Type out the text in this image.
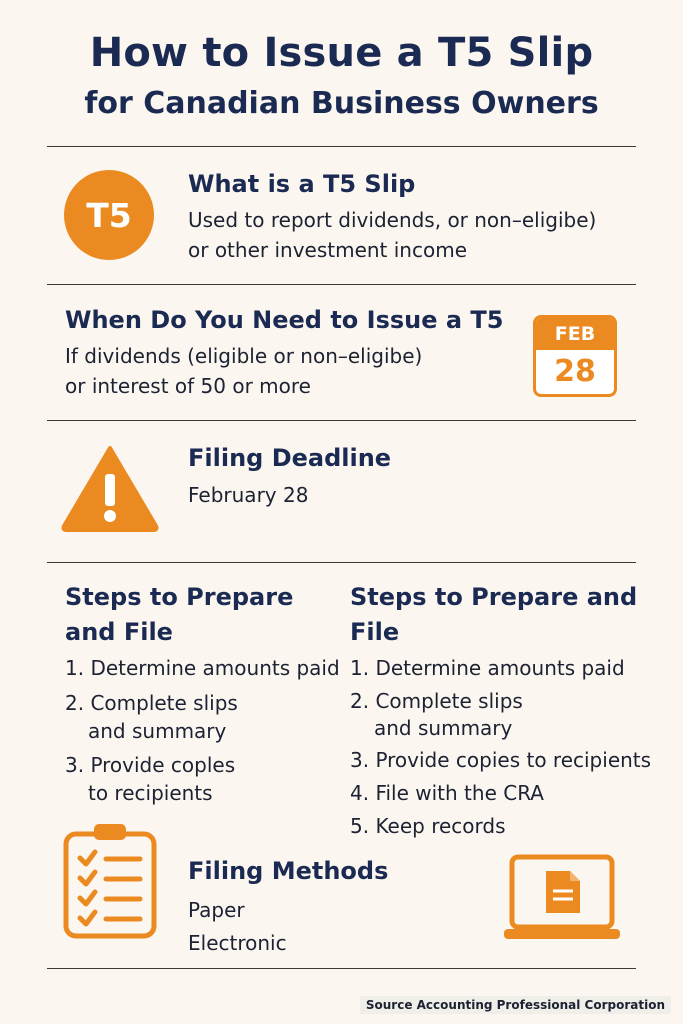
How to Issue a T5 Slip
for Canadian Business Owners
T5
What is a T5 Slip
Used to report dividends, or non–eligibe)
or other investment income
When Do You Need to Issue a T5
If dividends (eligible or non–eligibe)
or interest of 50 or more
FEB
28
Filing Deadline
February 28
Steps to Prepare
and File
1. Determine amounts paid
2. Complete slips
and summary
3. Provide coples
to recipients
Steps to Prepare and
File
1. Determine amounts paid
2. Complete slips
and summary
3. Provide copies to recipients
4. File with the CRA
5. Keep records
Filing Methods
Paper
Electronic
Source Accounting Professional Corporation
